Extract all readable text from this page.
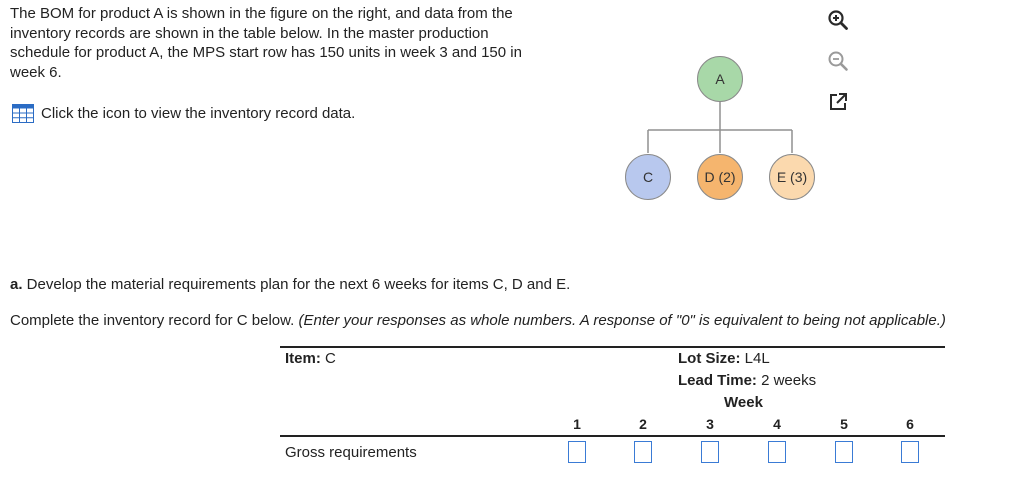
The BOM for product A is shown in the figure on the right, and data from the
inventory records are shown in the table below. In the master production
schedule for product A, the MPS start row has 150 units in week 3 and 150 in
week 6.
Click the icon to view the inventory record data.
A
C	D (2)	E (3)
a. Develop the material requirements plan for the next 6 weeks for items C, D and E.
Complete the inventory record for C below. (Enter your responses as whole numbers. A response of "0" is equivalent to being not applicable.)
Item: C	Lot Size: L4L
Lead Time: 2 weeks
Week
1	2	3	4	5	6
Gross requirements
